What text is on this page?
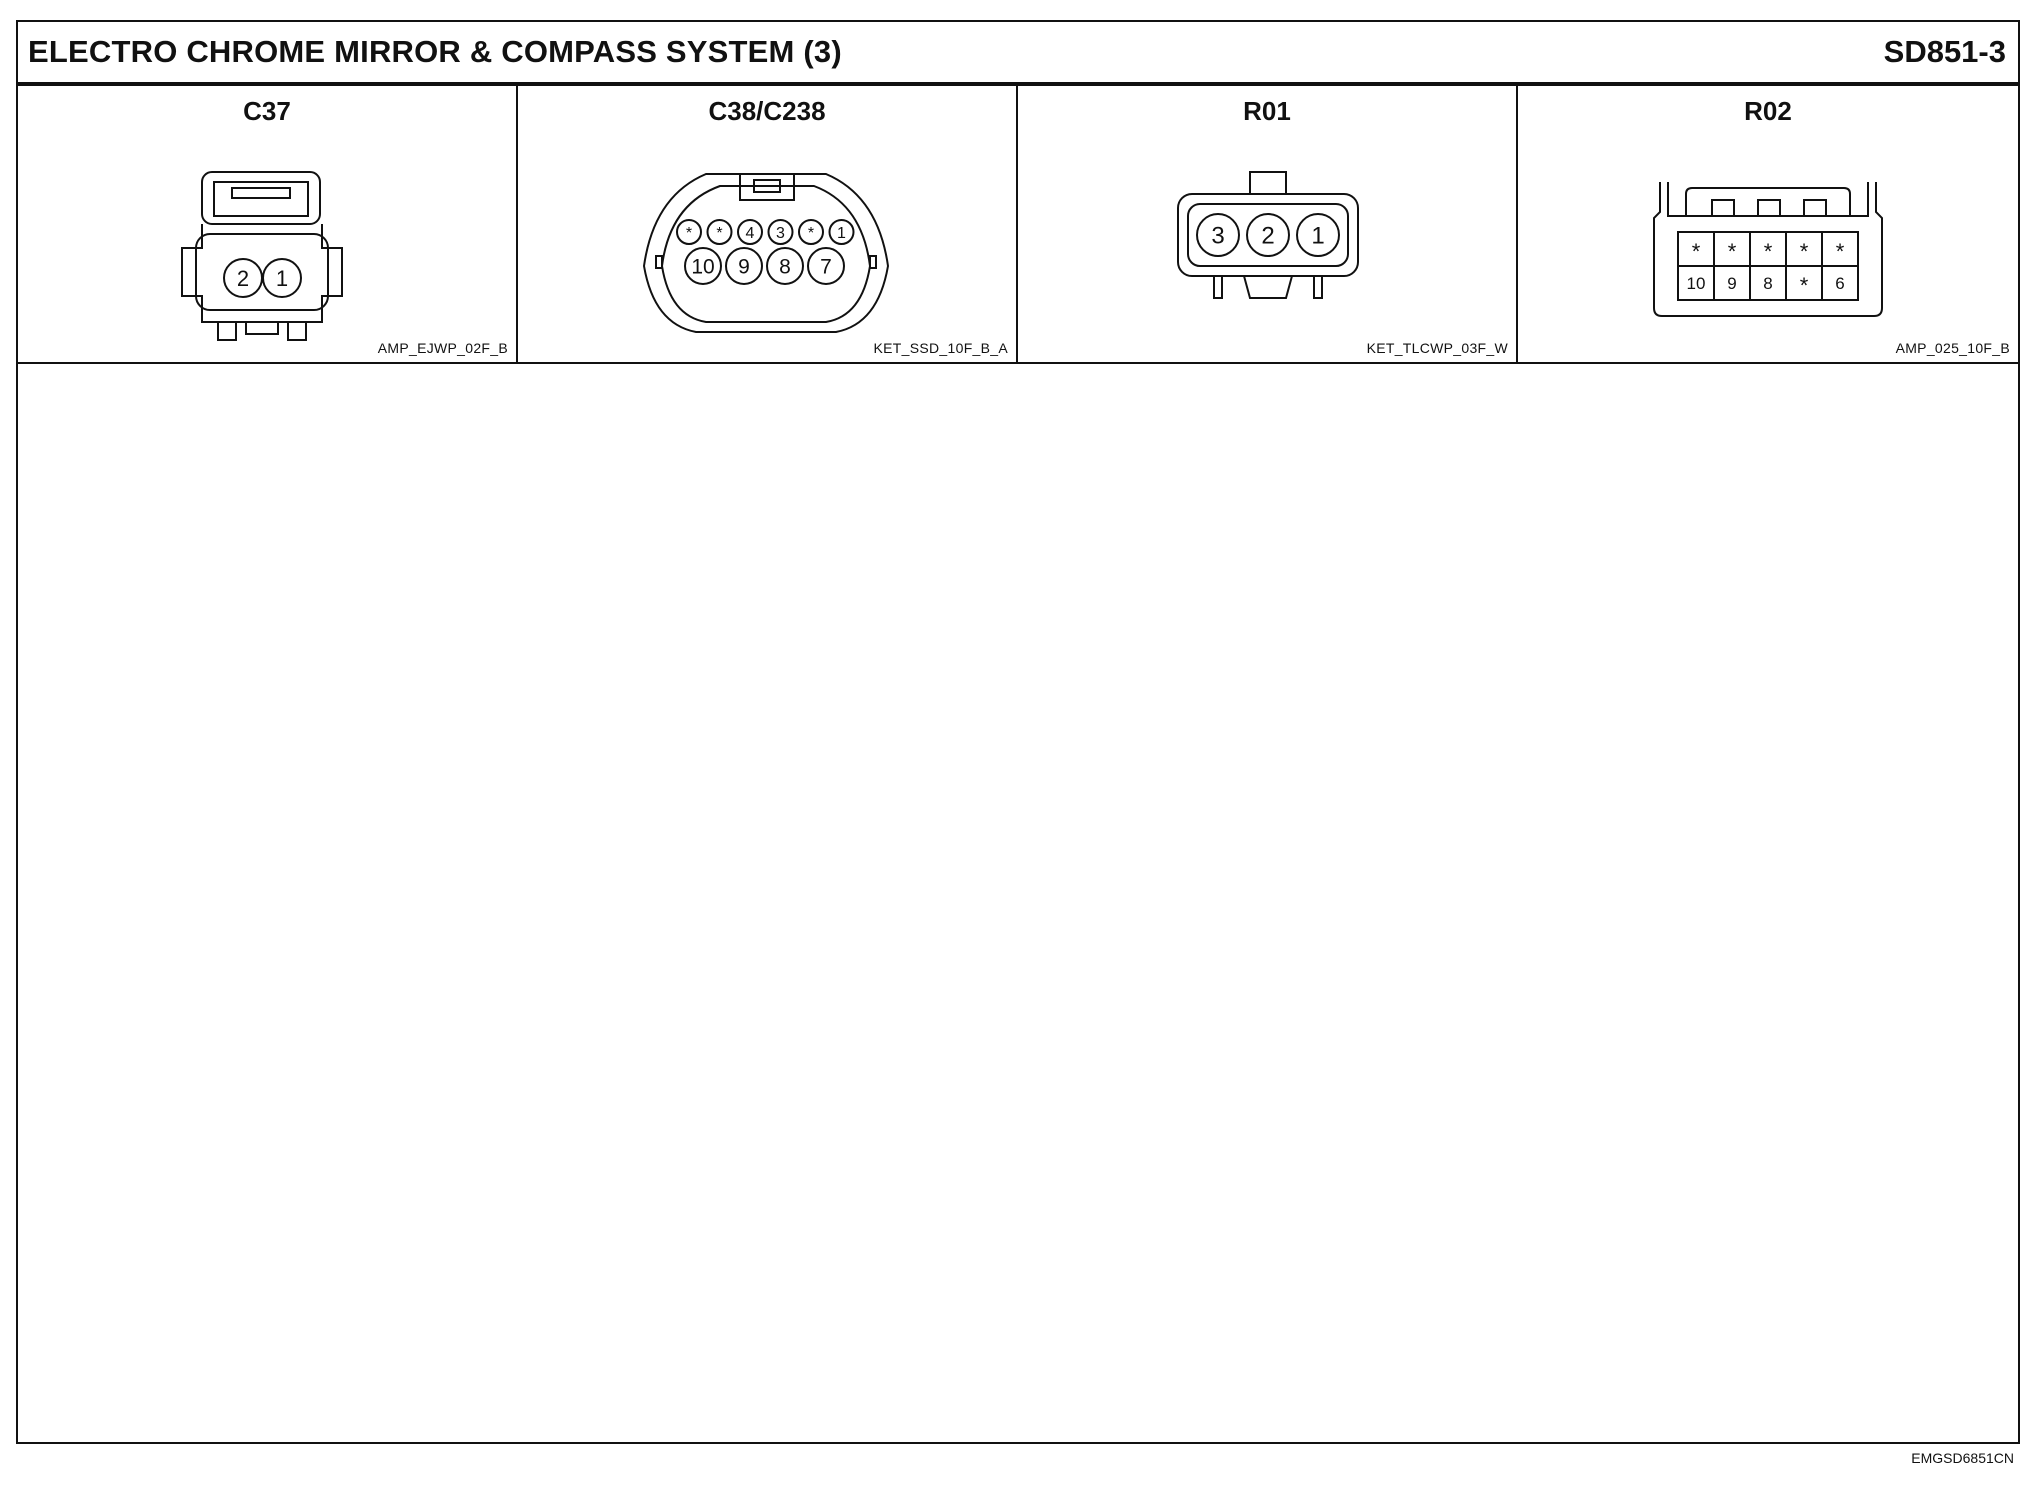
ELECTRO CHROME MIRROR & COMPASS SYSTEM (3)	SD851-3
C37
2 1
AMP_EJWP_02F_B
C38/C238
* * 4 3 * 1
10 9 8 7
KET_SSD_10F_B_A
R01
3 2 1
KET_TLCWP_03F_W
R02
* * * * *
10 9 8 * 6
AMP_025_10F_B
EMGSD6851CN
